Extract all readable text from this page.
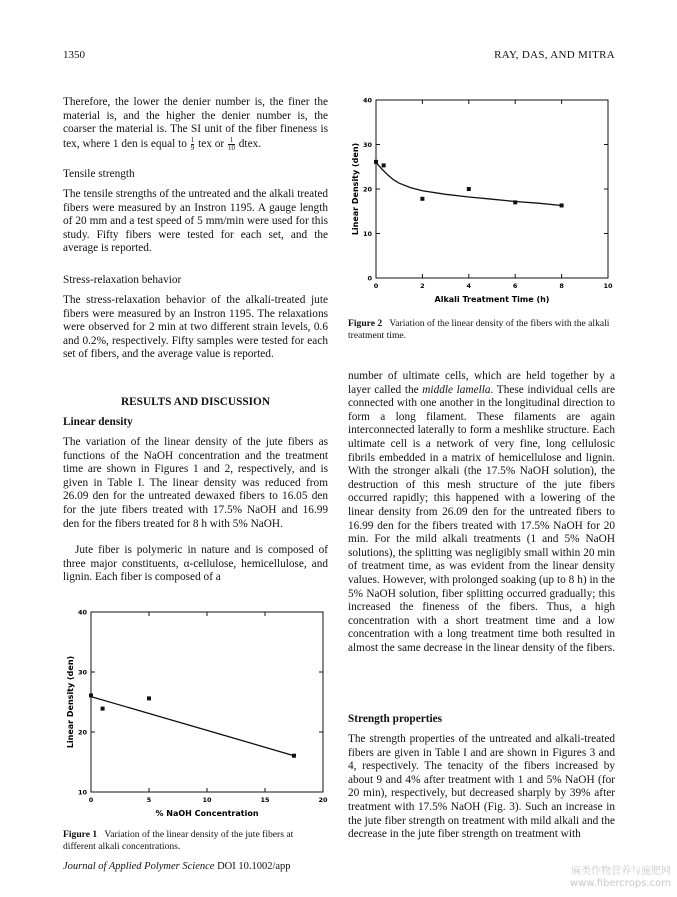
1350	RAY, DAS, AND MITRA

Therefore, the lower the denier number is, the finer the material is, and the higher the denier number is, the coarser the material is. The SI unit of the fiber fineness is tex, where 1 den is equal to $\frac{1}{9}$ tex or $\frac{1}{10}$ dtex.

Tensile strength
The tensile strengths of the untreated and the alkali treated fibers were measured by an Instron 1195. A gauge length of 20 mm and a test speed of 5 mm/min were used for this study. Fifty fibers were tested for each set, and the average is reported.
Stress-relaxation behavior
The stress-relaxation behavior of the alkali-treated jute fibers were measured by an Instron 1195. The relaxations were observed for 2 min at two different strain levels, 0.6 and 0.2%, respectively. Fifty samples were tested for each set of fibers, and the average value is reported.
RESULTS AND DISCUSSION
Linear density
The variation of the linear density of the jute fibers as functions of the NaOH concentration and the treatment time are shown in Figures 1 and 2, respectively, and is given in Table I. The linear density was reduced from 26.09 den for the untreated dewaxed fibers to 16.05 den for the jute fibers treated with 17.5% NaOH and 16.99 den for the fibers treated for 8 h with 5% NaOH.
Jute fiber is polymeric in nature and is composed of three major constituents, α-cellulose, hemicellulose, and lignin. Each fiber is composed of a
0	5	10	15	20
10
20
30
40
% NaOH Concentration
Linear Density (den)
Figure 1 Variation of the linear density of the jute fibers at different alkali concentrations.
0	2	4	6	8	10
0
10
20
30
40
Alkali Treatment Time (h)
Linear Density (den)
Figure 2 Variation of the linear density of the fibers with the alkali treatment time.
number of ultimate cells, which are held together by a layer called the middle lamella. These individual cells are connected with one another in the longitudinal direction to form a long filament. These filaments are again interconnected laterally to form a meshlike structure. Each ultimate cell is a network of very fine, long cellulosic fibrils embedded in a matrix of hemicellulose and lignin. With the stronger alkali (the 17.5% NaOH solution), the destruction of this mesh structure of the jute fibers occurred rapidly; this happened with a lowering of the linear density from 26.09 den for the untreated fibers to 16.99 den for the fibers treated with 17.5% NaOH for 20 min. For the mild alkali treatments (1 and 5% NaOH solutions), the splitting was negligibly small within 20 min of treatment time, as was evident from the linear density values. However, with prolonged soaking (up to 8 h) in the 5% NaOH solution, fiber splitting occurred gradually; this increased the fineness of the fibers. Thus, a high concentration with a short treatment time and a low concentration with a long treatment time both resulted in almost the same decrease in the linear density of the fibers.
Strength properties
The strength properties of the untreated and alkali-treated fibers are given in Table I and are shown in Figures 3 and 4, respectively. The tenacity of the fibers increased by about 9 and 4% after treatment with 1 and 5% NaOH (for 20 min), respectively, but decreased sharply by 39% after treatment with 17.5% NaOH (Fig. 3). Such an increase in the jute fiber strength on treatment with mild alkali and the decrease in the jute fiber strength on treatment with
Journal of Applied Polymer Science DOI 10.1002/app	麻类作物营养与施肥网
www.fibercrops.com
